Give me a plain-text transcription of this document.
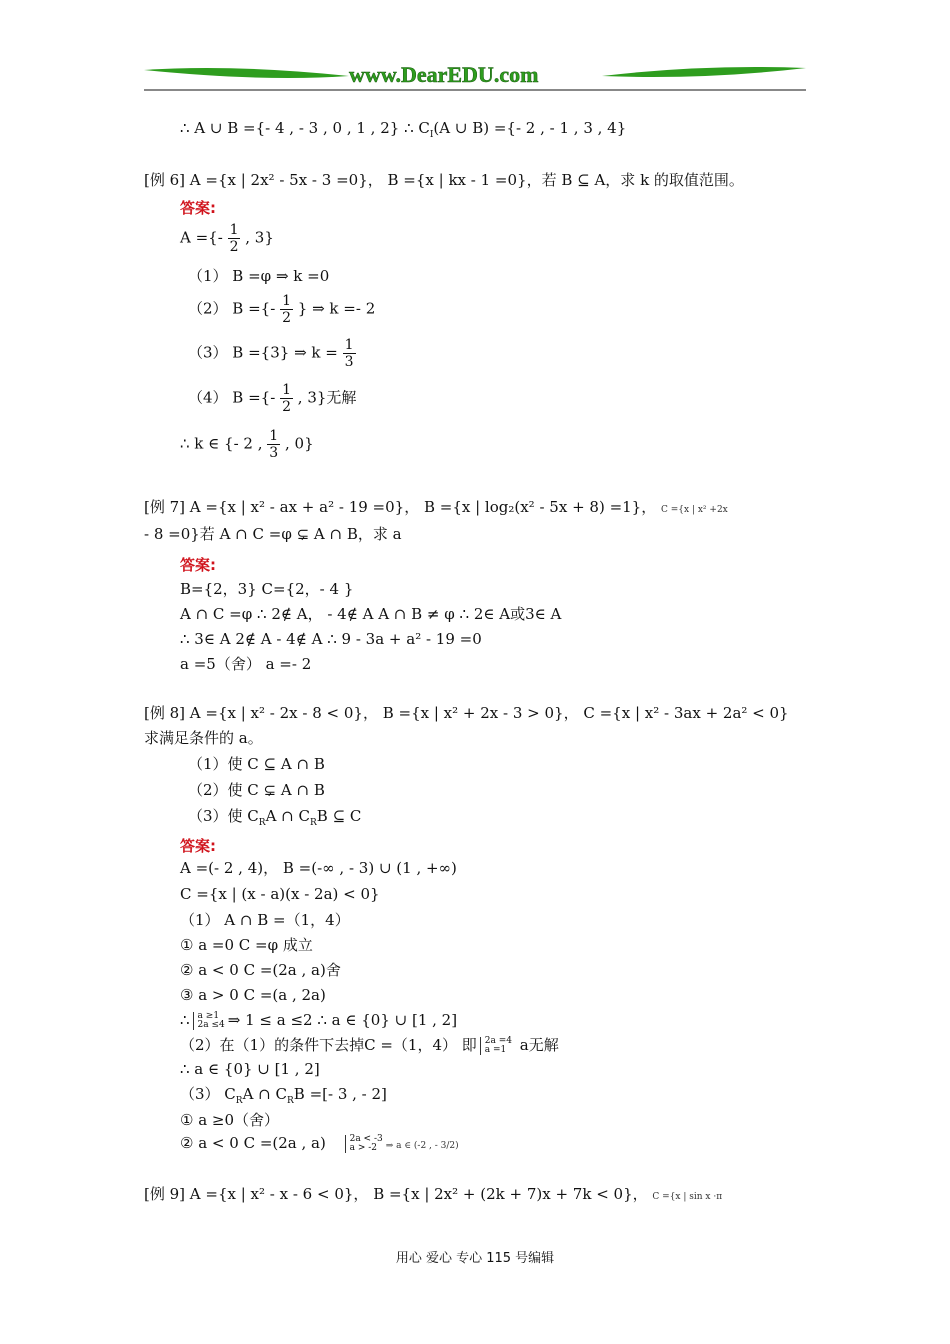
www.DearEDU.com
∴ A ∪ B ={- 4 , - 3 , 0 , 1 , 2} ∴ $C_I(A$ ∪ B) ={- 2 , - 1 , 3 , 4}
[例 6] A ={x | 2x² - 5x - 3 =0}， B ={x | kx - 1 =0}，若 B ⊆ A，求 k 的取值范围。
答案:
A ={- $\frac{1}{2}$ , 3}
（1） B =φ ⇒ k =0
（2） B ={- $\frac{1}{2}$ } ⇒ k =- 2
（3） B ={3} ⇒ $k = \frac{1}{3}$
（4） B ={- $\frac{1}{2}$ , 3}无解
∴ k ∈ {- 2 , $\frac{1}{3}$ , 0}
[例 7] A ={x | x² - ax + a² - 19 =0}， B ={x | log₂(x² - 5x + 8) =1}， C ={x | x² +2x
- 8 =0}若 A ∩ C =φ ⊊ A ∩ B，求 a
答案:
B={2，3} C={2，- 4 }
A ∩ C =φ ∴ 2∉ A， - 4∉ A A ∩ B ≠ φ ∴ 2∈ A或3∈ A
∴ 3∈ A 2∉ A - 4∉ A ∴ 9 - 3a + a² - 19 =0
a =5（舍） a =- 2
[例 8] A ={x | x² - 2x - 8 < 0}， B ={x | x² + 2x - 3 > 0}， C ={x | x² - 3ax + 2a² < 0}
求满足条件的 a。
（1）使 C ⊆ A ∩ B
（2）使 C ⊊ A ∩ B
（3）使 $C_RA$ ∩ $C_RB$ ⊆ C
答案:
A =(- 2 , 4)， B =(-∞ , - 3) ∪ (1 , +∞)
C ={x | (x - a)(x - 2a) < 0}
（1） A ∩ B =（1，4）
① a =0 C =φ 成立
② a < 0 C =(2a , a)舍
③ a > 0 C =(a , 2a)
∴ a ≥1
2a ≤4 ⇒ 1 ≤ a ≤2 ∴ a ∈ {0} ∪ [1 , 2]
（2）在（1）的条件下去掉C =（1，4） 即 2a =4
a =1 a无解
∴ a ∈ {0} ∪ [1 , 2]
（3） $C_RA$ ∩ $C_RB$ =[- 3 , - 2]
① a ≥0（舍）
② a < 0 C =(2a , a)	2a < -3
a > -2 ⇒ a ∈ (-2 , - 3/2)
[例 9] A ={x | x² - x - 6 < 0}， B ={x | 2x² + (2k + 7)x + 7k < 0}， C ={x | sin x ·π
用心 爱心 专心 115 号编辑
